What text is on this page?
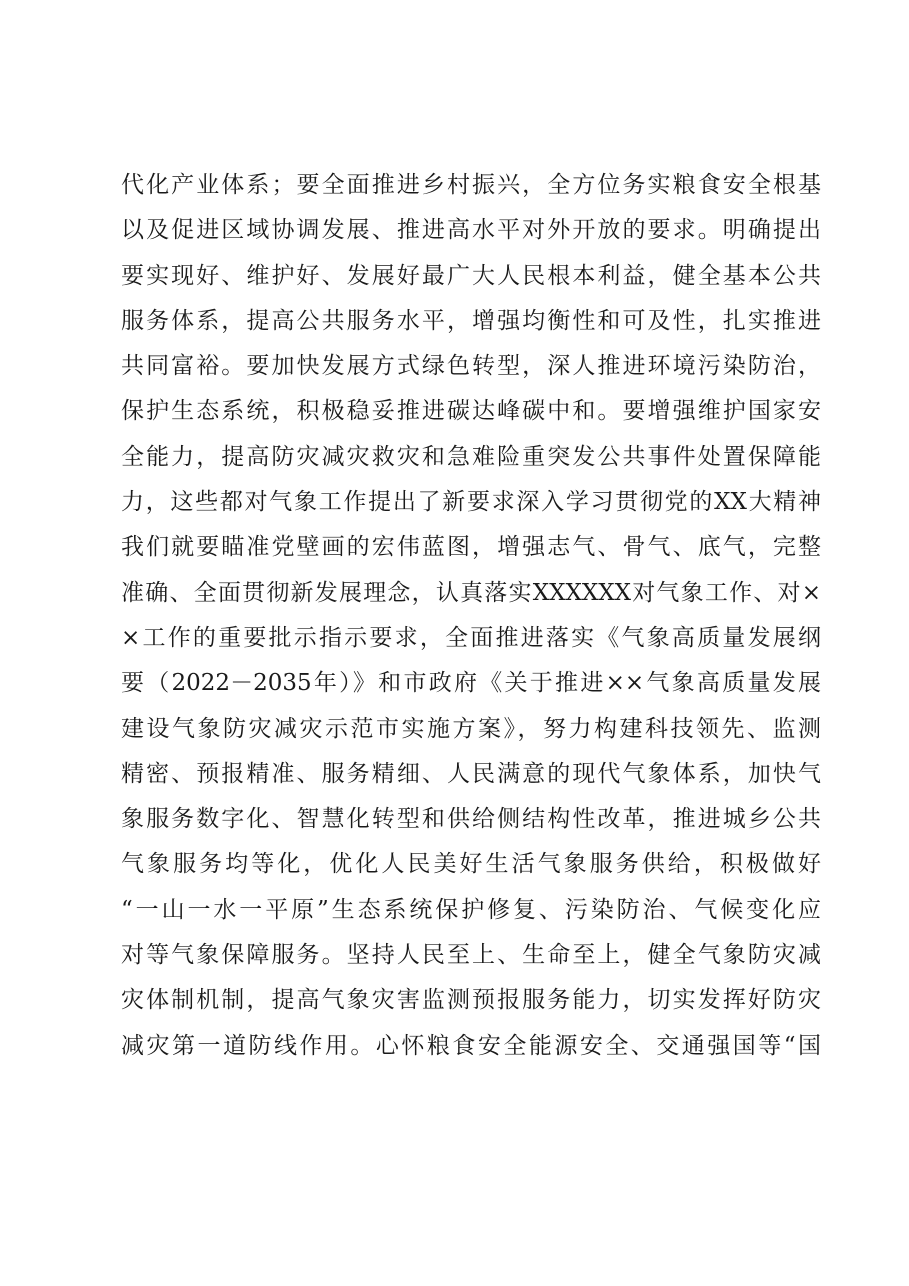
代化产业体系；要全面推进乡村振兴，全方位务实粮食安全根基
以及促进区域协调发展、推进高水平对外开放的要求。明确提出
要实现好、维护好、发展好最广大人民根本利益，健全基本公共
服务体系，提高公共服务水平，增强均衡性和可及性，扎实推进
共同富裕。要加快发展方式绿色转型，深人推进环境污染防治，
保护生态系统，积极稳妥推进碳达峰碳中和。要增强维护国家安
全能力，提高防灾减灾救灾和急难险重突发公共事件处置保障能
力，这些都对气象工作提出了新要求深入学习贯彻党的XX大精神
我们就要瞄准党壁画的宏伟蓝图，增强志气、骨气、底气，完整
准确、全面贯彻新发展理念，认真落实XXXXXX对气象工作、对×
×工作的重要批示指示要求，全面推进落实《气象高质量发展纲
要（2022－2035年）》和市政府《关于推进××气象高质量发展
建设气象防灾减灾示范市实施方案》，努力构建科技领先、监测
精密、预报精准、服务精细、人民满意的现代气象体系，加快气
象服务数字化、智慧化转型和供给侧结构性改革，推进城乡公共
气象服务均等化，优化人民美好生活气象服务供给，积极做好
“一山一水一平原”生态系统保护修复、污染防治、气候变化应
对等气象保障服务。坚持人民至上、生命至上，健全气象防灾减
灾体制机制，提高气象灾害监测预报服务能力，切实发挥好防灾
减灾第一道防线作用。心怀粮食安全能源安全、交通强国等“国
